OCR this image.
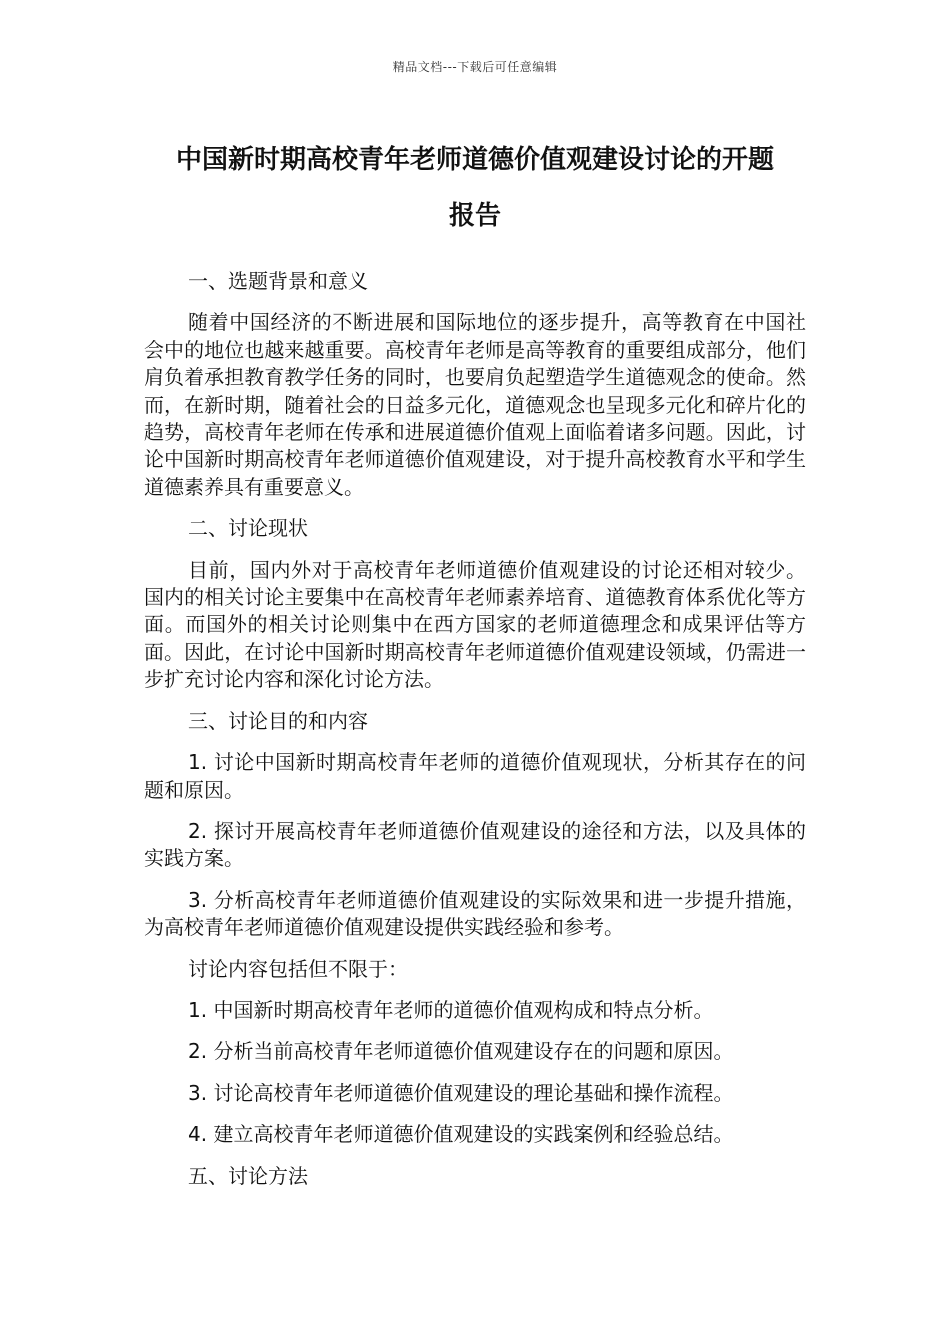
精品文档---下载后可任意编辑
中国新时期高校青年老师道德价值观建设讨论的开题
报告

一、选题背景和意义

随着中国经济的不断进展和国际地位的逐步提升，高等教育在中国社会中的地位也越来越重要。高校青年老师是高等教育的重要组成部分，他们肩负着承担教育教学任务的同时，也要肩负起塑造学生道德观念的使命。然而，在新时期，随着社会的日益多元化，道德观念也呈现多元化和碎片化的趋势，高校青年老师在传承和进展道德价值观上面临着诸多问题。因此，讨论中国新时期高校青年老师道德价值观建设，对于提升高校教育水平和学生道德素养具有重要意义。

二、讨论现状

目前，国内外对于高校青年老师道德价值观建设的讨论还相对较少。国内的相关讨论主要集中在高校青年老师素养培育、道德教育体系优化等方面。而国外的相关讨论则集中在西方国家的老师道德理念和成果评估等方面。因此，在讨论中国新时期高校青年老师道德价值观建设领域，仍需进一步扩充讨论内容和深化讨论方法。

三、讨论目的和内容

1. 讨论中国新时期高校青年老师的道德价值观现状，分析其存在的问题和原因。

2. 探讨开展高校青年老师道德价值观建设的途径和方法，以及具体的实践方案。

3. 分析高校青年老师道德价值观建设的实际效果和进一步提升措施，为高校青年老师道德价值观建设提供实践经验和参考。

讨论内容包括但不限于：

1. 中国新时期高校青年老师的道德价值观构成和特点分析。

2. 分析当前高校青年老师道德价值观建设存在的问题和原因。

3. 讨论高校青年老师道德价值观建设的理论基础和操作流程。

4. 建立高校青年老师道德价值观建设的实践案例和经验总结。

五、讨论方法
